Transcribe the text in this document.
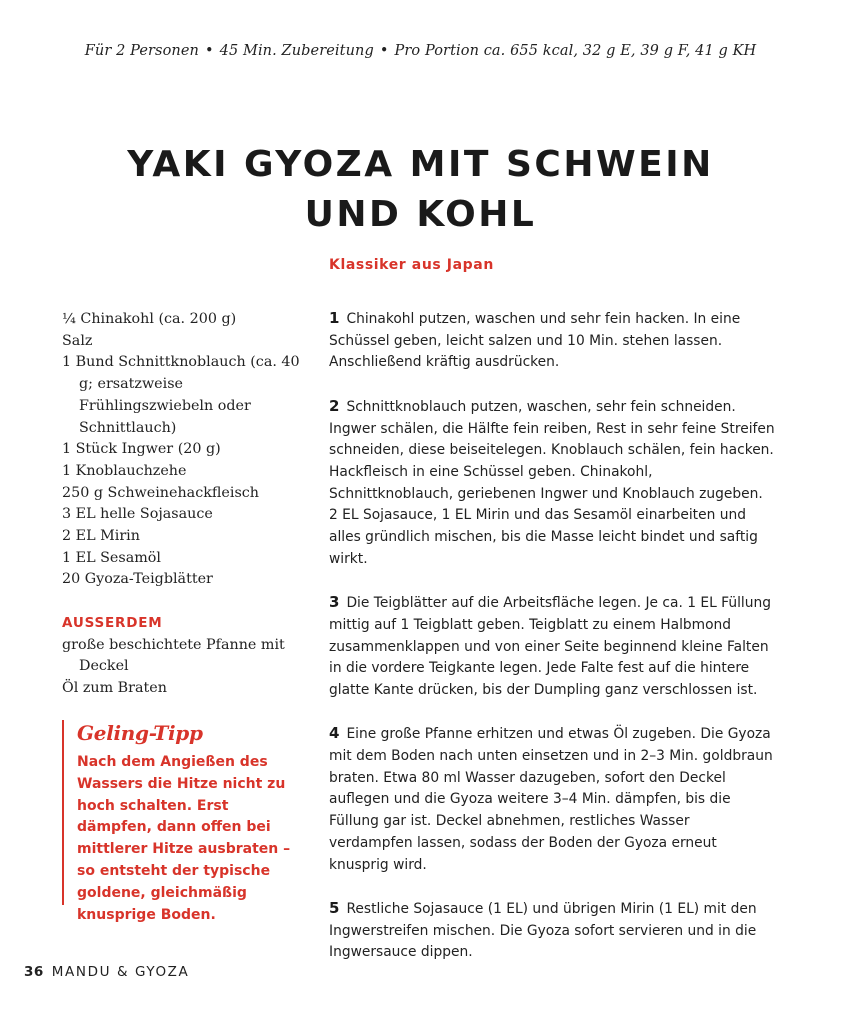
Für 2 Personen • 45 Min. Zubereitung • Pro Portion ca. 655 kcal, 32 g E, 39 g F, 41 g KH
YAKI GYOZA MIT SCHWEIN
UND KOHL
Klassiker aus Japan
¼ Chinakohl (ca. 200 g)
Salz
1 Bund Schnittknoblauch (ca. 40 g; ersatzweise Frühlingszwiebeln oder Schnittlauch)
1 Stück Ingwer (20 g)
1 Knoblauchzehe
250 g Schweinehackfleisch
3 EL helle Sojasauce
2 EL Mirin
1 EL Sesamöl
20 Gyoza-Teigblätter
AUSSERDEM
große beschichtete Pfanne mit Deckel
Öl zum Braten
Geling-Tipp
Nach dem Angießen des Wassers die Hitze nicht zu hoch schalten. Erst dämpfen, dann offen bei mittlerer Hitze ausbraten – so entsteht der typische goldene, gleichmäßig knusprige Boden.

1 Chinakohl putzen, waschen und sehr fein hacken. In eine Schüssel geben, leicht salzen und 10 Min. stehen lassen. Anschließend kräftig ausdrücken.

2 Schnittknoblauch putzen, waschen, sehr fein schneiden. Ingwer schälen, die Hälfte fein reiben, Rest in sehr feine Streifen schneiden, diese beiseitelegen. Knoblauch schälen, fein hacken. Hackfleisch in eine Schüssel geben. Chinakohl, Schnittknoblauch, geriebenen Ingwer und Knoblauch zugeben. 2 EL Sojasauce, 1 EL Mirin und das Sesamöl einarbeiten und alles gründlich mischen, bis die Masse leicht bindet und saftig wirkt.

3 Die Teigblätter auf die Arbeitsfläche legen. Je ca. 1 EL Füllung mittig auf 1 Teigblatt geben. Teigblatt zu einem Halbmond zusammenklappen und von einer Seite beginnend kleine Falten in die vordere Teigkante legen. Jede Falte fest auf die hintere glatte Kante drücken, bis der Dumpling ganz verschlossen ist.

4 Eine große Pfanne erhitzen und etwas Öl zugeben. Die Gyoza mit dem Boden nach unten einsetzen und in 2–3 Min. goldbraun braten. Etwa 80 ml Wasser dazugeben, sofort den Deckel auflegen und die Gyoza weitere 3–4 Min. dämpfen, bis die Füllung gar ist. Deckel abnehmen, restliches Wasser verdampfen lassen, sodass der Boden der Gyoza erneut knusprig wird.

5 Restliche Sojasauce (1 EL) und übrigen Mirin (1 EL) mit den Ingwerstreifen mischen. Die Gyoza sofort servieren und in die Ingwersauce dippen.

36 MANDU & GYOZA
